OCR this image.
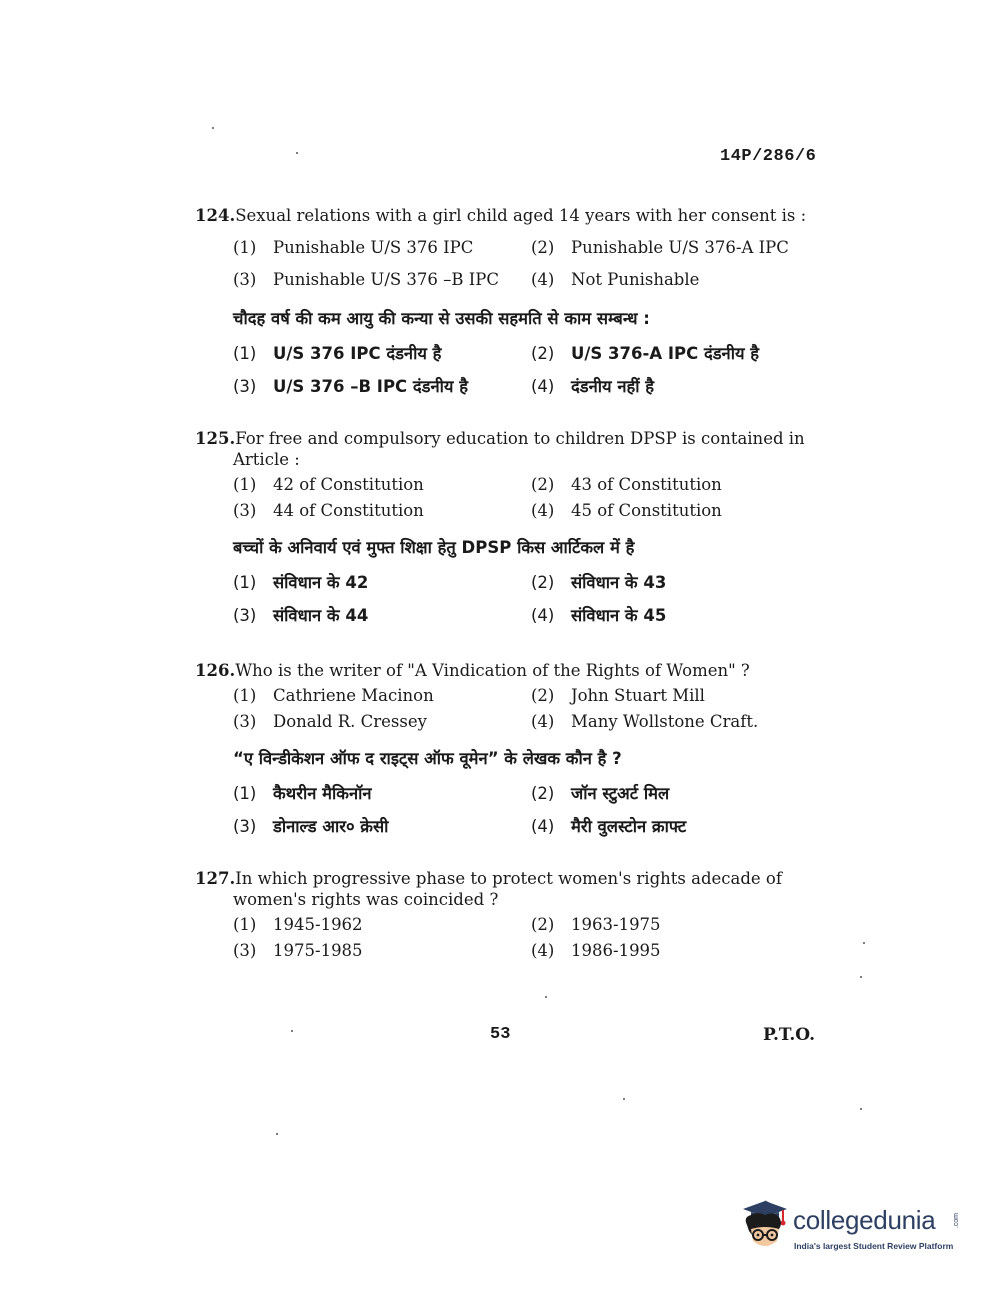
14P/286/6
124.Sexual relations with a girl child aged 14 years with her consent is :
(1)	Punishable U/S 376 IPC	(2)	Punishable U/S 376-A IPC
(3)	Punishable U/S 376 –B IPC (4)	Not Punishable
चौदह वर्ष की कम आयु की कन्या से उसकी सहमति से काम सम्बन्ध :
(1)	U/S 376 IPC दंडनीय है	(2)	U/S 376-A IPC दंडनीय है
(3)	U/S 376 –B IPC दंडनीय है	(4)	दंडनीय नहीं है
125.For free and compulsory education to children DPSP is contained in
Article :
(1)	42 of Constitution	(2)	43 of Constitution
(3)	44 of Constitution	(4)	45 of Constitution
बच्चों के अनिवार्य एवं मुफ्त शिक्षा हेतु DPSP किस आर्टिकल में है
(1)	संविधान के 42	(2)	संविधान के 43
(3)	संविधान के 44	(4)	संविधान के 45
126.Who is the writer of "A Vindication of the Rights of Women" ?
(1)	Cathriene Macinon	(2)	John Stuart Mill
(3)	Donald R. Cressey	(4)	Many Wollstone Craft.
“ए विन्डीकेशन ऑफ द राइट्स ऑफ वूमेन” के लेखक कौन है ?
(1)	कैथरीन मैकिनॉन	(2)	जॉन स्टुअर्ट मिल
(3)	डोनाल्ड आर० क्रेसी	(4)	मैरी वुलस्टोन क्राफ्ट
127.In which progressive phase to protect women's rights adecade of
women's rights was coincided ?
(1)	1945-1962	(2)	1963-1975
(3)	1975-1985	(4)	1986-1995
53	P.T.O.
collegedunia	.com
India's largest Student Review Platform
